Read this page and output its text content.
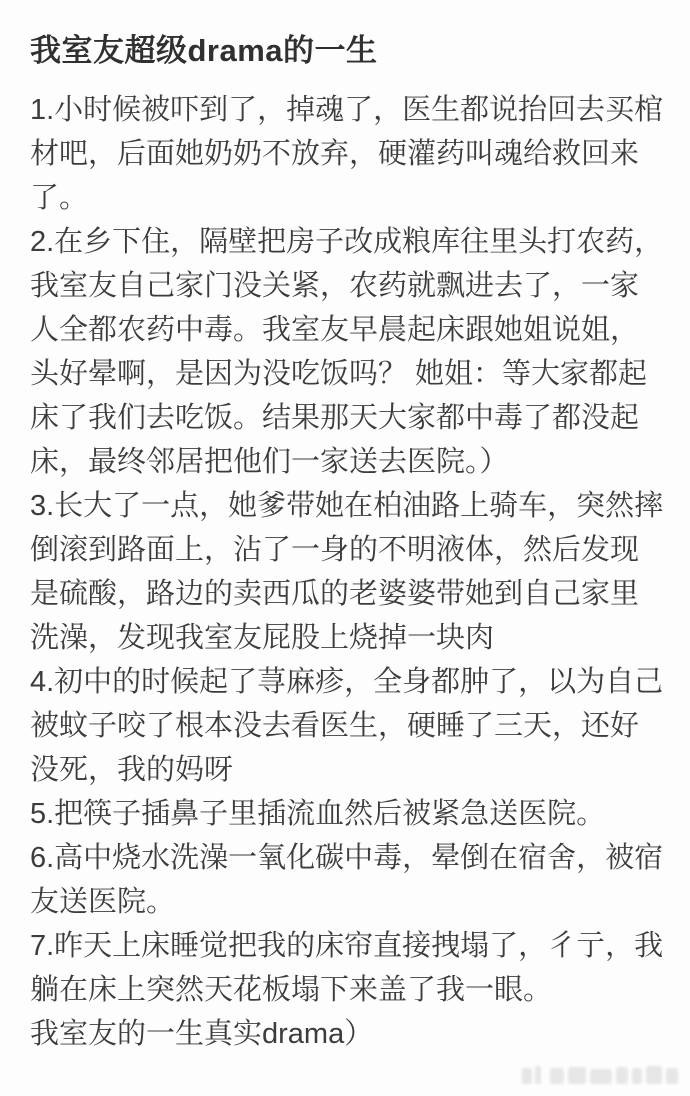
我室友超级drama的一生

1.小时候被吓到了，掉魂了，医生都说抬回去买棺材吧，后面她奶奶不放弃，硬灌药叫魂给救回来了。

2.在乡下住，隔壁把房子改成粮库往里头打农药，我室友自己家门没关紧，农药就飘进去了，一家人全都农药中毒。我室友早晨起床跟她姐说姐，头好晕啊，是因为没吃饭吗？ 她姐：等大家都起床了我们去吃饭。结果那天大家都中毒了都没起床，最终邻居把他们一家送去医院。）

3.长大了一点，她爹带她在柏油路上骑车，突然摔倒滚到路面上，沾了一身的不明液体，然后发现是硫酸，路边的卖西瓜的老婆婆带她到自己家里洗澡，发现我室友屁股上烧掉一块肉

4.初中的时候起了荨麻疹，全身都肿了，以为自己被蚊子咬了根本没去看医生，硬睡了三天，还好没死，我的妈呀

5.把筷子插鼻子里插流血然后被紧急送医院。

6.高中烧水洗澡一氧化碳中毒，晕倒在宿舍，被宿友送医院。

7.昨天上床睡觉把我的床帘直接拽塌了，彳亍，我躺在床上突然天花板塌下来盖了我一眼。

我室友的一生真实drama）
